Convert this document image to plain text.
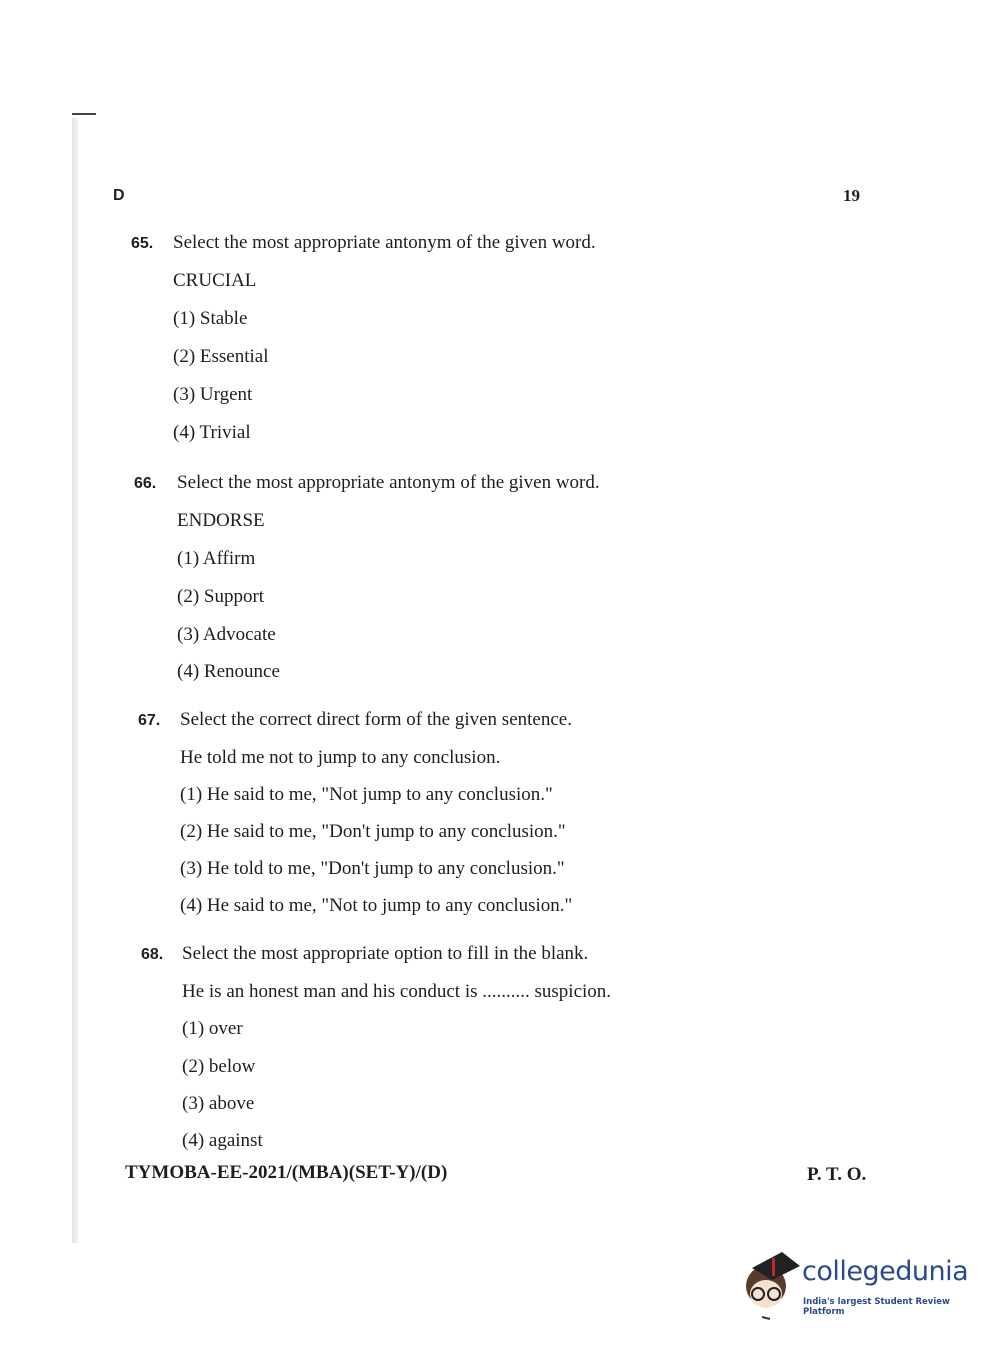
D	19
65. Select the most appropriate antonym of the given word.
CRUCIAL
(1) Stable
(2) Essential
(3) Urgent
(4) Trivial
66. Select the most appropriate antonym of the given word.
ENDORSE
(1) Affirm
(2) Support
(3) Advocate
(4) Renounce
67. Select the correct direct form of the given sentence.
He told me not to jump to any conclusion.
(1) He said to me, "Not jump to any conclusion."
(2) He said to me, "Don't jump to any conclusion."
(3) He told to me, "Don't jump to any conclusion."
(4) He said to me, "Not to jump to any conclusion."
68. Select the most appropriate option to fill in the blank.
He is an honest man and his conduct is .......... suspicion.
(1) over
(2) below
(3) above
(4) against
TYMOBA-EE-2021/(MBA)(SET-Y)/(D)	P. T. O.
collegedunia
India's largest Student Review Platform
